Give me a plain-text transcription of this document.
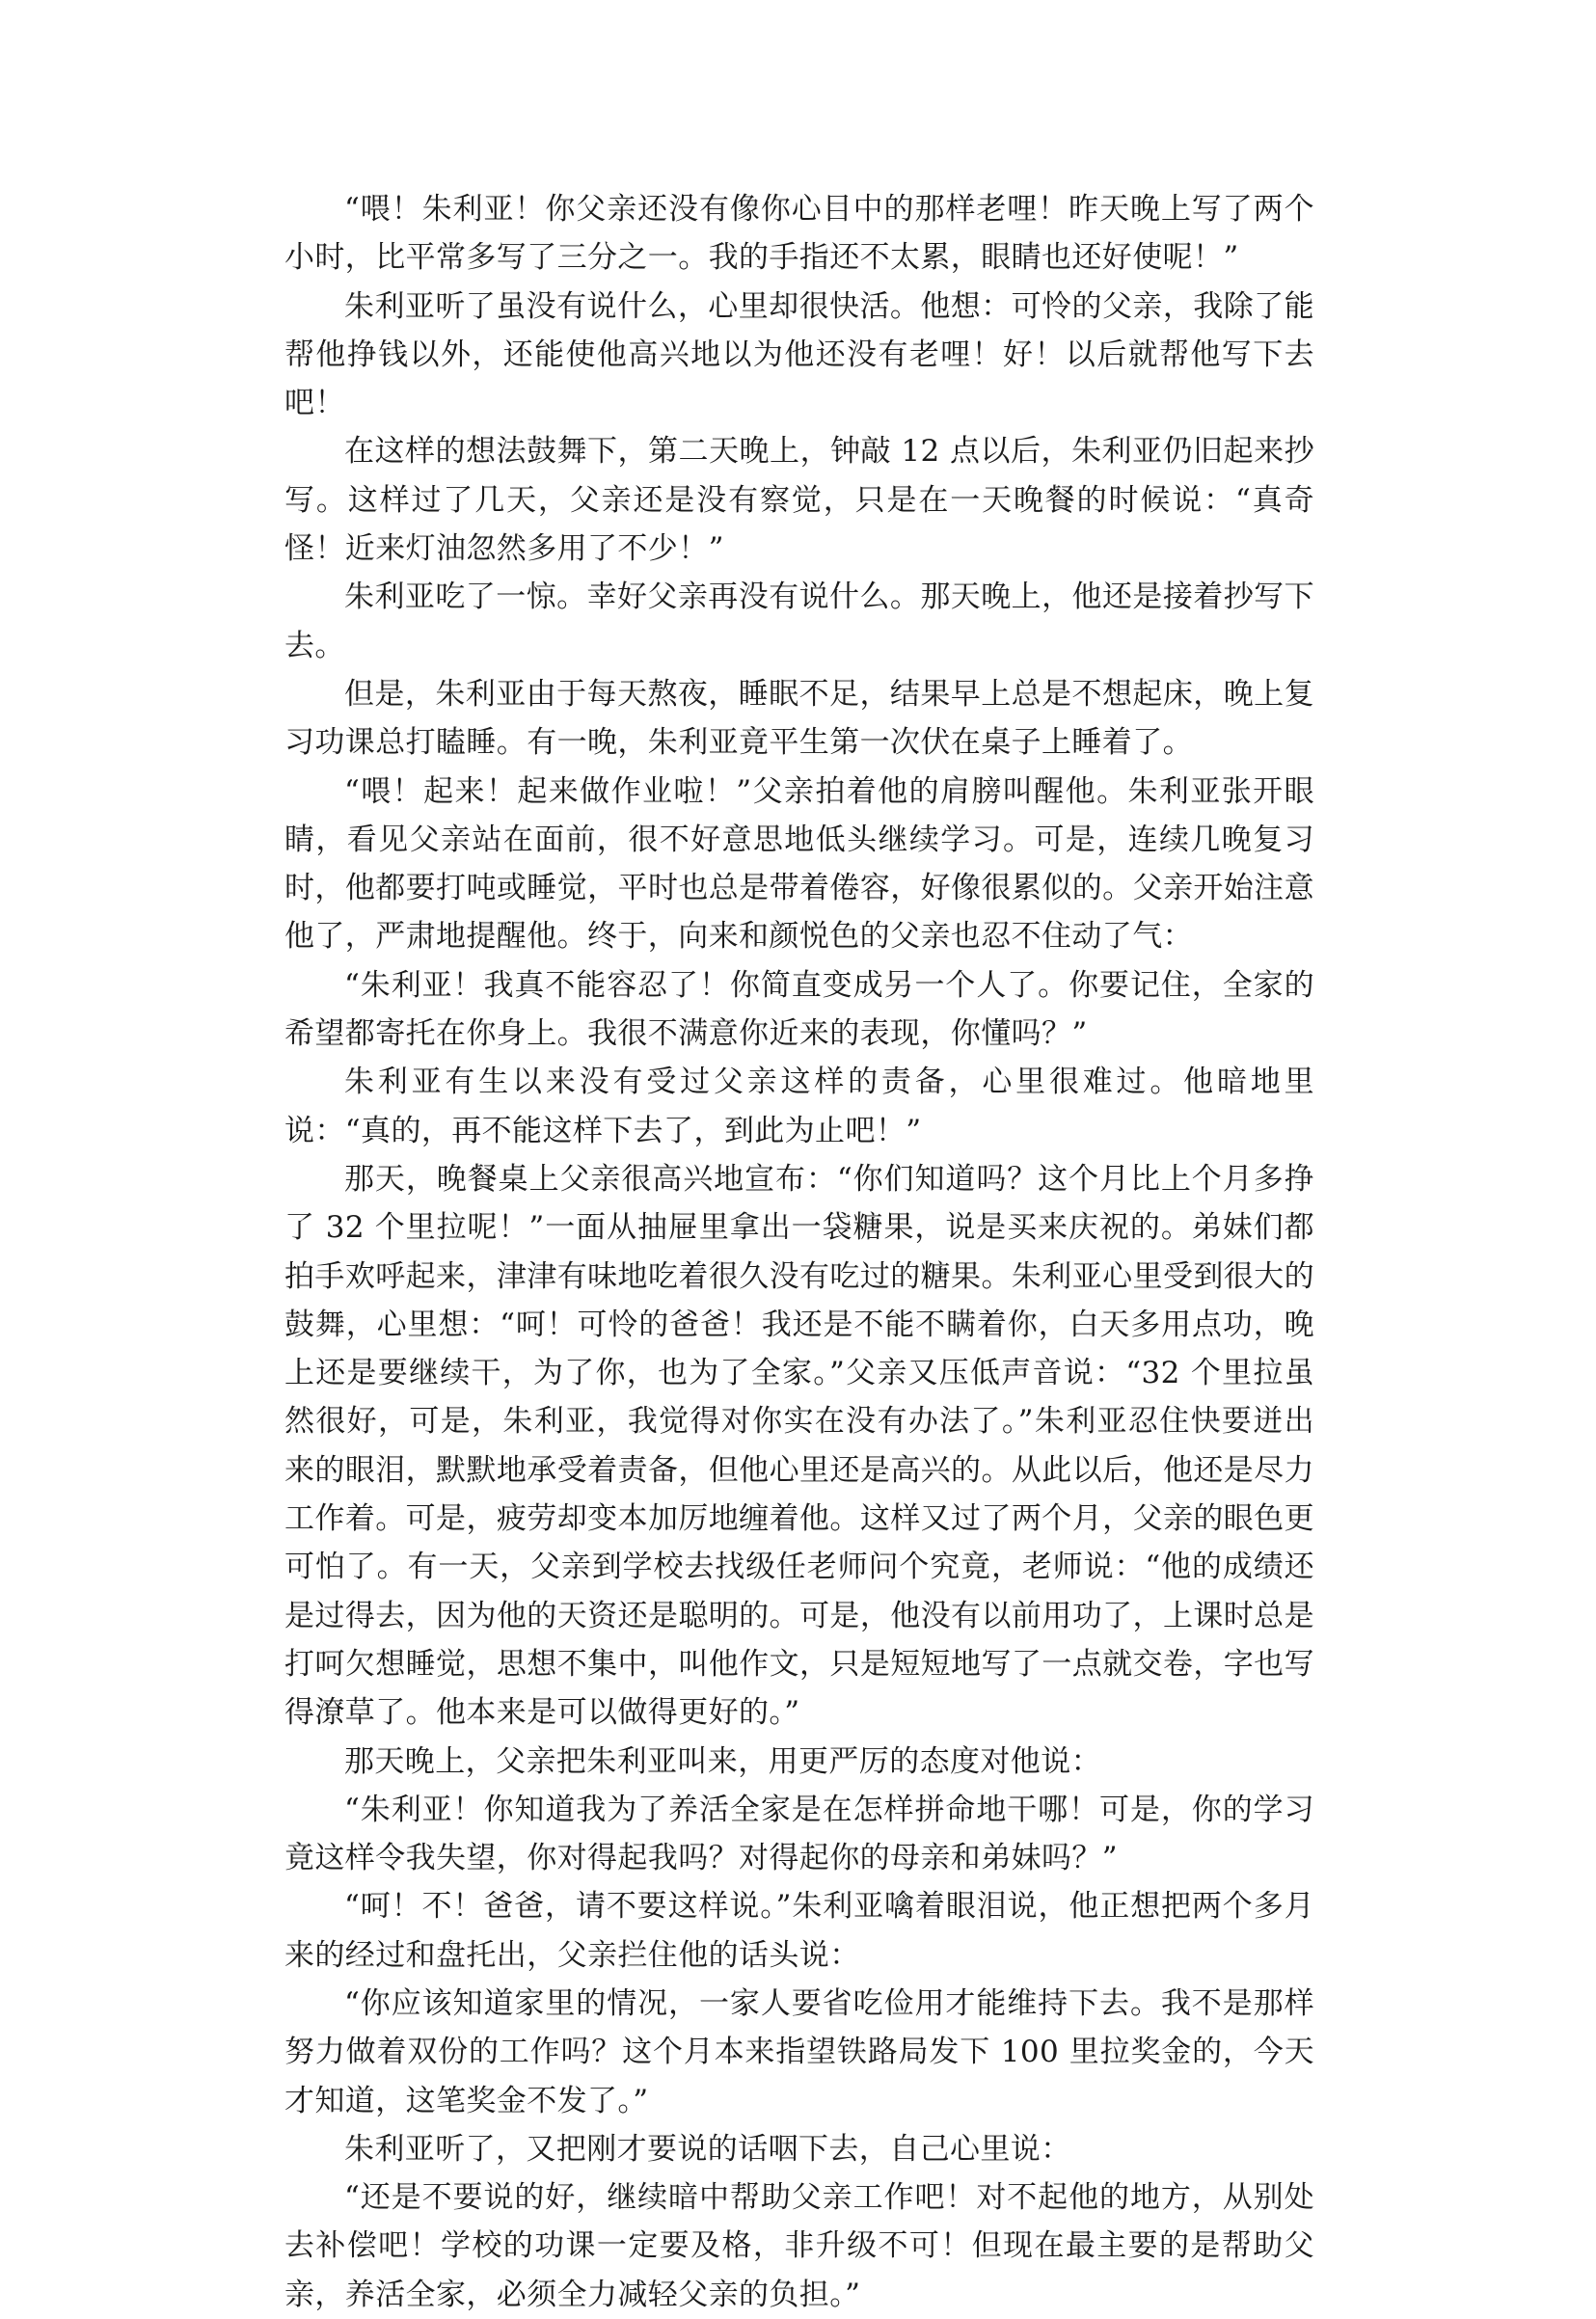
“喂！朱利亚！你父亲还没有像你心目中的那样老哩！昨天晚上写了两个小时，比平常多写了三分之一。我的手指还不太累，眼睛也还好使呢！”

朱利亚听了虽没有说什么，心里却很快活。他想：可怜的父亲，我除了能帮他挣钱以外，还能使他高兴地以为他还没有老哩！好！以后就帮他写下去吧！

在这样的想法鼓舞下，第二天晚上，钟敲 12 点以后，朱利亚仍旧起来抄写。这样过了几天，父亲还是没有察觉，只是在一天晚餐的时候说：“真奇怪！近来灯油忽然多用了不少！”

朱利亚吃了一惊。幸好父亲再没有说什么。那天晚上，他还是接着抄写下去。

但是，朱利亚由于每天熬夜，睡眠不足，结果早上总是不想起床，晚上复习功课总打瞌睡。有一晚，朱利亚竟平生第一次伏在桌子上睡着了。

“喂！起来！起来做作业啦！”父亲拍着他的肩膀叫醒他。朱利亚张开眼睛，看见父亲站在面前，很不好意思地低头继续学习。可是，连续几晚复习时，他都要打吨或睡觉，平时也总是带着倦容，好像很累似的。父亲开始注意他了，严肃地提醒他。终于，向来和颜悦色的父亲也忍不住动了气：

“朱利亚！我真不能容忍了！你简直变成另一个人了。你要记住，全家的希望都寄托在你身上。我很不满意你近来的表现，你懂吗？”

朱利亚有生以来没有受过父亲这样的责备，心里很难过。他暗地里说：“真的，再不能这样下去了，到此为止吧！”

那天，晚餐桌上父亲很高兴地宣布：“你们知道吗？这个月比上个月多挣了 32 个里拉呢！”一面从抽屉里拿出一袋糖果，说是买来庆祝的。弟妹们都拍手欢呼起来，津津有味地吃着很久没有吃过的糖果。朱利亚心里受到很大的鼓舞，心里想：“呵！可怜的爸爸！我还是不能不瞒着你，白天多用点功，晚上还是要继续干，为了你，也为了全家。”父亲又压低声音说：“32 个里拉虽然很好，可是，朱利亚，我觉得对你实在没有办法了。”朱利亚忍住快要迸出来的眼泪，默默地承受着责备，但他心里还是高兴的。从此以后，他还是尽力工作着。可是，疲劳却变本加厉地缠着他。这样又过了两个月，父亲的眼色更可怕了。有一天，父亲到学校去找级任老师问个究竟，老师说：“他的成绩还是过得去，因为他的天资还是聪明的。可是，他没有以前用功了，上课时总是打呵欠想睡觉，思想不集中，叫他作文，只是短短地写了一点就交卷，字也写得潦草了。他本来是可以做得更好的。”

那天晚上，父亲把朱利亚叫来，用更严厉的态度对他说：

“朱利亚！你知道我为了养活全家是在怎样拼命地干哪！可是，你的学习竟这样令我失望，你对得起我吗？对得起你的母亲和弟妹吗？”

“呵！不！爸爸，请不要这样说。”朱利亚噙着眼泪说，他正想把两个多月来的经过和盘托出，父亲拦住他的话头说：

“你应该知道家里的情况，一家人要省吃俭用才能维持下去。我不是那样努力做着双份的工作吗？这个月本来指望铁路局发下 100 里拉奖金的，今天才知道，这笔奖金不发了。”

朱利亚听了，又把刚才要说的话咽下去，自己心里说：

“还是不要说的好，继续暗中帮助父亲工作吧！对不起他的地方，从别处去补偿吧！学校的功课一定要及格，非升级不可！但现在最主要的是帮助父亲，养活全家，必须全力减轻父亲的负担。”
